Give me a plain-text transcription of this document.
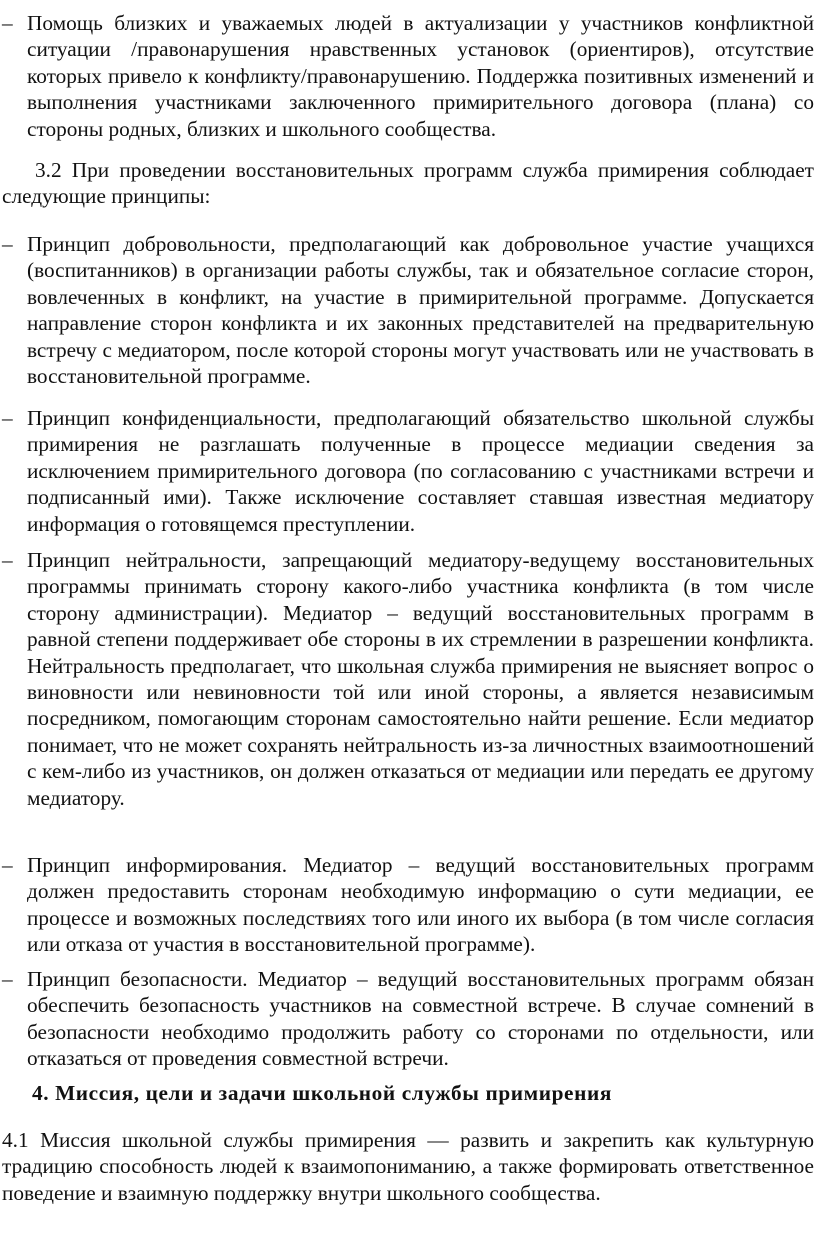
– Помощь близких и уважаемых людей в актуализации у участников конфликтной ситуации /правонарушения нравственных установок (ориентиров), отсутствие которых привело к конфликту/правонарушению. Поддержка позитивных изменений и выполнения участниками заключенного примирительного договора (плана) со стороны родных, близких и школьного сообщества.
3.2 При проведении восстановительных программ служба примирения соблюдает следующие принципы:
– Принцип добровольности, предполагающий как добровольное участие учащихся (воспитанников) в организации работы службы, так и обязательное согласие сторон, вовлеченных в конфликт, на участие в примирительной программе. Допускается направление сторон конфликта и их законных представителей на предварительную встречу с медиатором, после которой стороны могут участвовать или не участвовать в восстановительной программе.
– Принцип конфиденциальности, предполагающий обязательство школьной службы примирения не разглашать полученные в процессе медиации сведения за исключением примирительного договора (по согласованию с участниками встречи и подписанный ими). Также исключение составляет ставшая известная медиатору информация о готовящемся преступлении.
– Принцип нейтральности, запрещающий медиатору-ведущему восстановительных программы принимать сторону какого-либо участника конфликта (в том числе сторону администрации). Медиатор – ведущий восстановительных программ в равной степени поддерживает обе стороны в их стремлении в разрешении конфликта. Нейтральность предполагает, что школьная служба примирения не выясняет вопрос о виновности или невиновности той или иной стороны, а является независимым посредником, помогающим сторонам самостоятельно найти решение. Если медиатор понимает, что не может сохранять нейтральность из-за личностных взаимоотношений с кем-либо из участников, он должен отказаться от медиации или передать ее другому медиатору.
– Принцип информирования. Медиатор – ведущий восстановительных программ должен предоставить сторонам необходимую информацию о сути медиации, ее процессе и возможных последствиях того или иного их выбора (в том числе согласия или отказа от участия в восстановительной программе).
– Принцип безопасности. Медиатор – ведущий восстановительных программ обязан обеспечить безопасность участников на совместной встрече. В случае сомнений в безопасности необходимо продолжить работу со сторонами по отдельности, или отказаться от проведения совместной встречи.
4. Миссия, цели и задачи школьной службы примирения
4.1 Миссия школьной службы примирения — развить и закрепить как культурную традицию способность людей к взаимопониманию, а также формировать ответственное поведение и взаимную поддержку внутри школьного сообщества.
